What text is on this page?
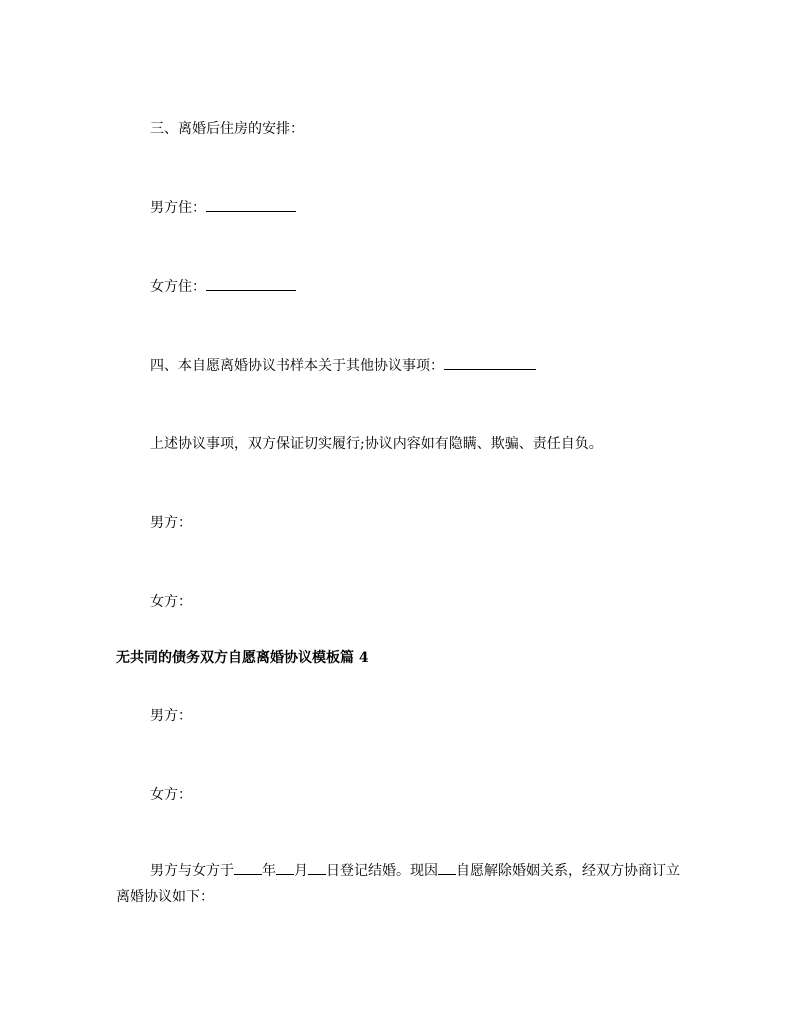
三、离婚后住房的安排：
男方住：
女方住：
四、本自愿离婚协议书样本关于其他协议事项：
上述协议事项，双方保证切实履行;协议内容如有隐瞒、欺骗、责任自负。
男方：
女方：
无共同的债务双方自愿离婚协议模板篇 4
男方：
女方：
男方与女方于 年 月 日登记结婚。现因 自愿解除婚姻关系，经双方协商订立离婚协议如下：
